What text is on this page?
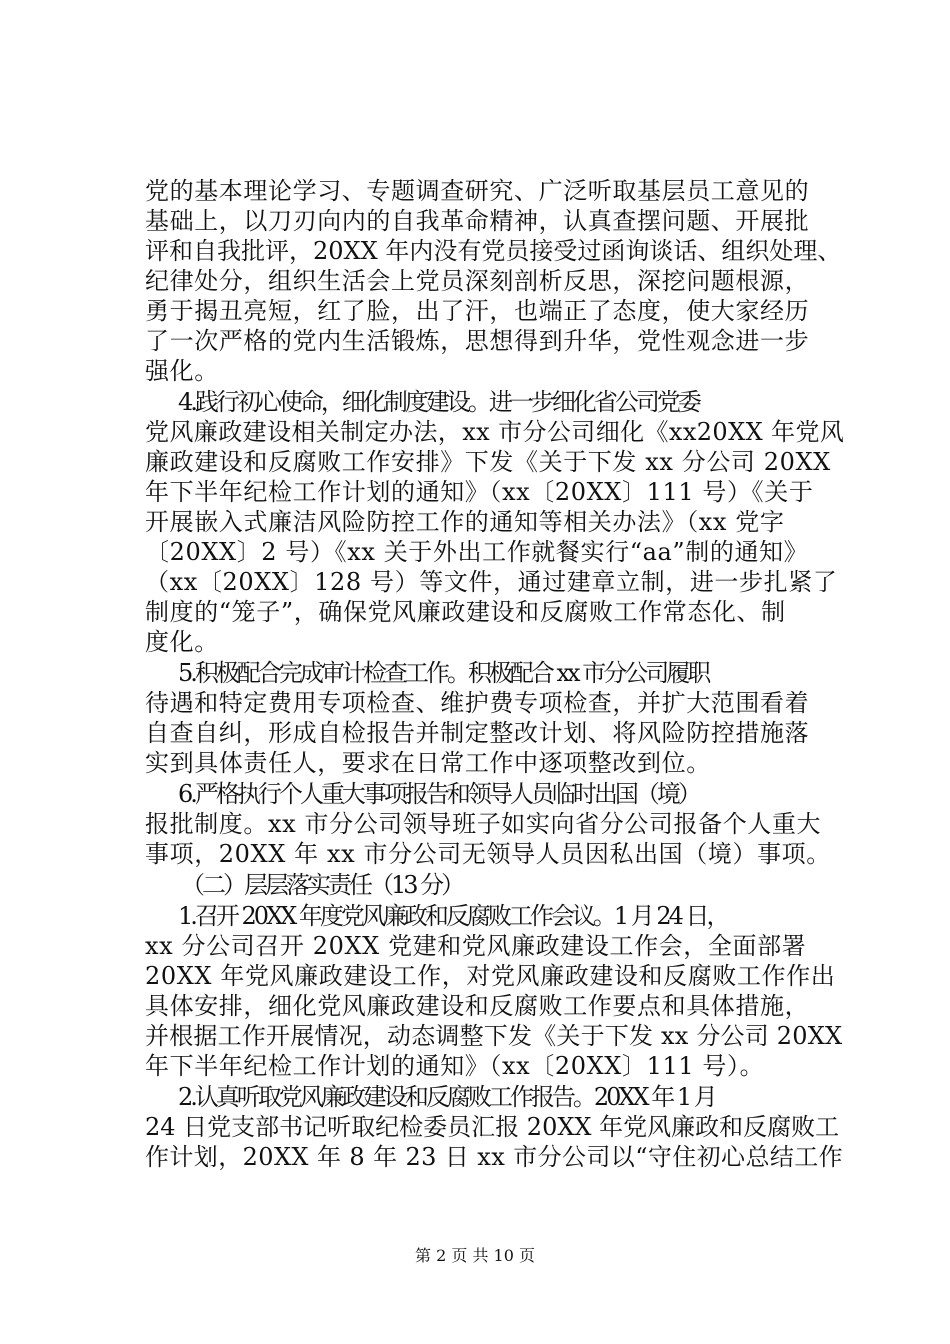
党的基本理论学习、专题调查研究、广泛听取基层员工意见的
基础上，以刀刃向内的自我革命精神，认真查摆问题、开展批
评和自我批评，20XX 年内没有党员接受过函询谈话、组织处理、
纪律处分，组织生活会上党员深刻剖析反思，深挖问题根源，
勇于揭丑亮短，红了脸，出了汗，也端正了态度，使大家经历
了一次严格的党内生活锻炼，思想得到升华，党性观念进一步
强化。
4.践行初心使命，细化制度建设。进一步细化省公司党委
党风廉政建设相关制定办法，xx 市分公司细化《xx20XX 年党风
廉政建设和反腐败工作安排》下发《关于下发 xx 分公司 20XX
年下半年纪检工作计划的通知》（xx〔20XX〕111 号）《关于
开展嵌入式廉洁风险防控工作的通知等相关办法》（xx 党字
〔20XX〕2 号）《xx 关于外出工作就餐实行“aa”制的通知》
（xx〔20XX〕128 号）等文件，通过建章立制，进一步扎紧了
制度的“笼子”，确保党风廉政建设和反腐败工作常态化、制
度化。
5.积极配合完成审计检查工作。积极配合 xx 市分公司履职
待遇和特定费用专项检查、维护费专项检查，并扩大范围看着
自查自纠，形成自检报告并制定整改计划、将风险防控措施落
实到具体责任人，要求在日常工作中逐项整改到位。
6.严格执行个人重大事项报告和领导人员临时出国（境）
报批制度。xx 市分公司领导班子如实向省分公司报备个人重大
事项，20XX 年 xx 市分公司无领导人员因私出国（境）事项。
（二）层层落实责任（13 分）
1.召开 20XX 年度党风廉政和反腐败工作会议。1 月 24 日，
xx 分公司召开 20XX 党建和党风廉政建设工作会，全面部署
20XX 年党风廉政建设工作，对党风廉政建设和反腐败工作作出
具体安排，细化党风廉政建设和反腐败工作要点和具体措施，
并根据工作开展情况，动态调整下发《关于下发 xx 分公司 20XX
年下半年纪检工作计划的通知》（xx〔20XX〕111 号）。
2.认真听取党风廉政建设和反腐败工作报告。20XX 年 1 月
24 日党支部书记听取纪检委员汇报 20XX 年党风廉政和反腐败工
作计划，20XX 年 8 年 23 日 xx 市分公司以“守住初心总结工作
第 2 页 共 10 页
